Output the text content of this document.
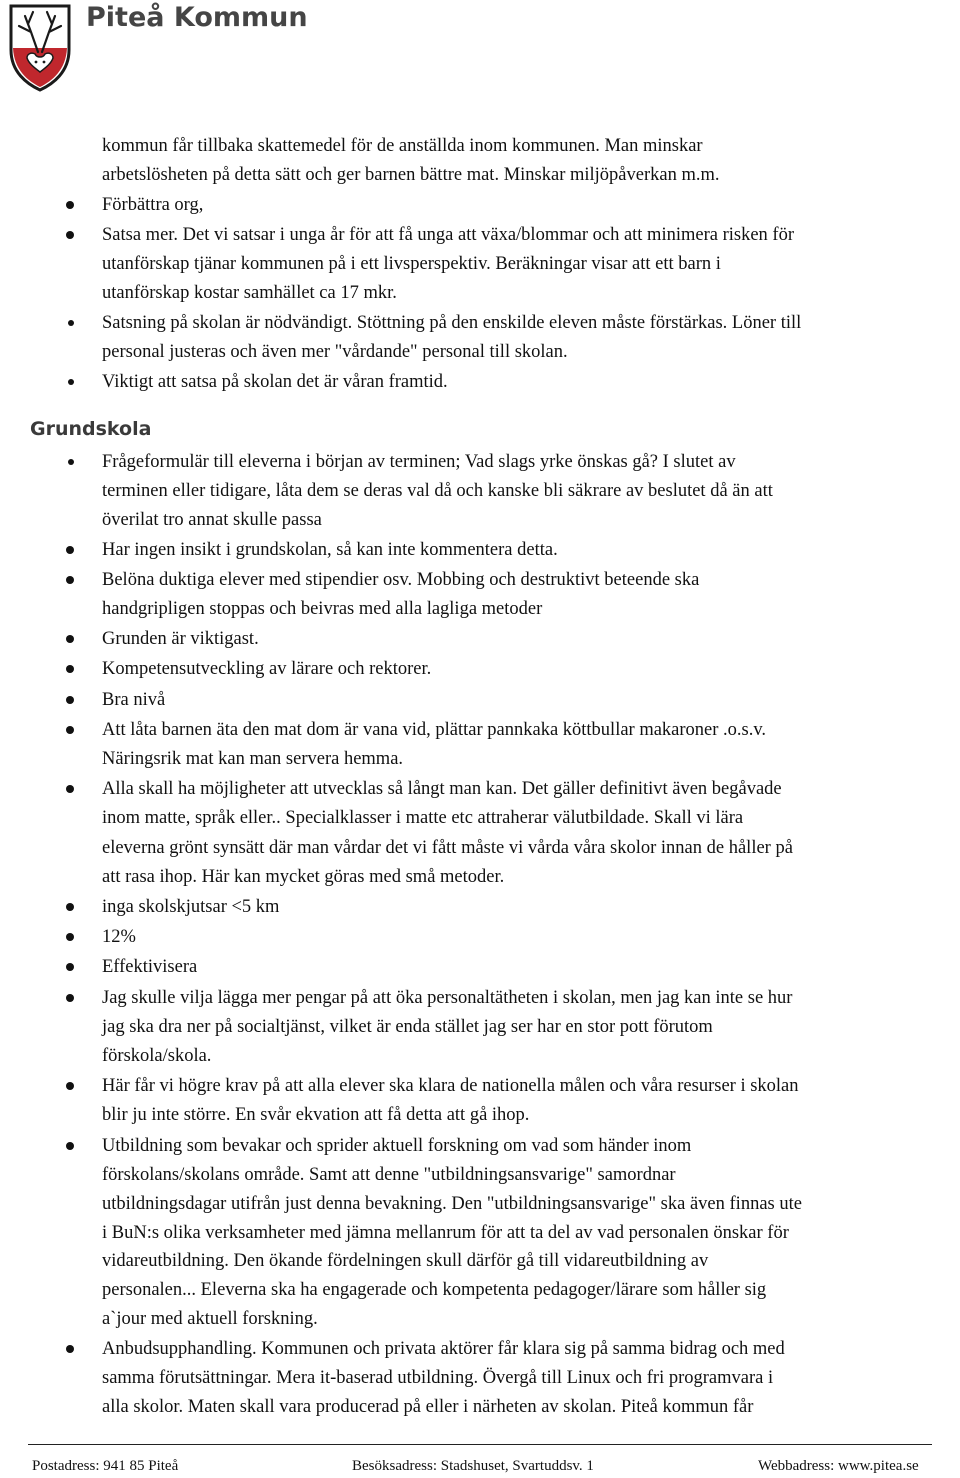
Piteå Kommun
kommun får tillbaka skattemedel för de anställda inom kommunen. Man minskar
arbetslösheten på detta sätt och ger barnen bättre mat. Minskar miljöpåverkan m.m.
Förbättra org,
Satsa mer. Det vi satsar i unga år för att få unga att växa/blommar och att minimera risken för
utanförskap tjänar kommunen på i ett livsperspektiv. Beräkningar visar att ett barn i
utanförskap kostar samhället ca 17 mkr.
Satsning på skolan är nödvändigt. Stöttning på den enskilde eleven måste förstärkas. Löner till
personal justeras och även mer "vårdande" personal till skolan.
Viktigt att satsa på skolan det är våran framtid.
Grundskola
Frågeformulär till eleverna i början av terminen; Vad slags yrke önskas gå? I slutet av
terminen eller tidigare, låta dem se deras val då och kanske bli säkrare av beslutet då än att
överilat tro annat skulle passa
Har ingen insikt i grundskolan, så kan inte kommentera detta.
Belöna duktiga elever med stipendier osv. Mobbing och destruktivt beteende ska
handgripligen stoppas och beivras med alla lagliga metoder
Grunden är viktigast.
Kompetensutveckling av lärare och rektorer.
Bra nivå
Att låta barnen äta den mat dom är vana vid, plättar pannkaka köttbullar makaroner .o.s.v.
Näringsrik mat kan man servera hemma.
Alla skall ha möjligheter att utvecklas så långt man kan. Det gäller definitivt även begåvade
inom matte, språk eller.. Specialklasser i matte etc attraherar välutbildade. Skall vi lära
eleverna grönt synsätt där man vårdar det vi fått måste vi vårda våra skolor innan de håller på
att rasa ihop. Här kan mycket göras med små metoder.
inga skolskjutsar <5 km
12%
Effektivisera
Jag skulle vilja lägga mer pengar på att öka personaltätheten i skolan, men jag kan inte se hur
jag ska dra ner på socialtjänst, vilket är enda stället jag ser har en stor pott förutom
förskola/skola.
Här får vi högre krav på att alla elever ska klara de nationella målen och våra resurser i skolan
blir ju inte större. En svår ekvation att få detta att gå ihop.
Utbildning som bevakar och sprider aktuell forskning om vad som händer inom
förskolans/skolans område. Samt att denne "utbildningsansvarige" samordnar
utbildningsdagar utifrån just denna bevakning. Den "utbildningsansvarige" ska även finnas ute
i BuN:s olika verksamheter med jämna mellanrum för att ta del av vad personalen önskar för
vidareutbildning. Den ökande fördelningen skull därför gå till vidareutbildning av
personalen... Eleverna ska ha engagerade och kompetenta pedagoger/lärare som håller sig
a`jour med aktuell forskning.
Anbudsupphandling. Kommunen och privata aktörer får klara sig på samma bidrag och med
samma förutsättningar. Mera it-baserad utbildning. Övergå till Linux och fri programvara i
alla skolor. Maten skall vara producerad på eller i närheten av skolan. Piteå kommun får
Postadress: 941 85 Piteå	Besöksadress: Stadshuset, Svartuddsv. 1	Webbadress: www.pitea.se
